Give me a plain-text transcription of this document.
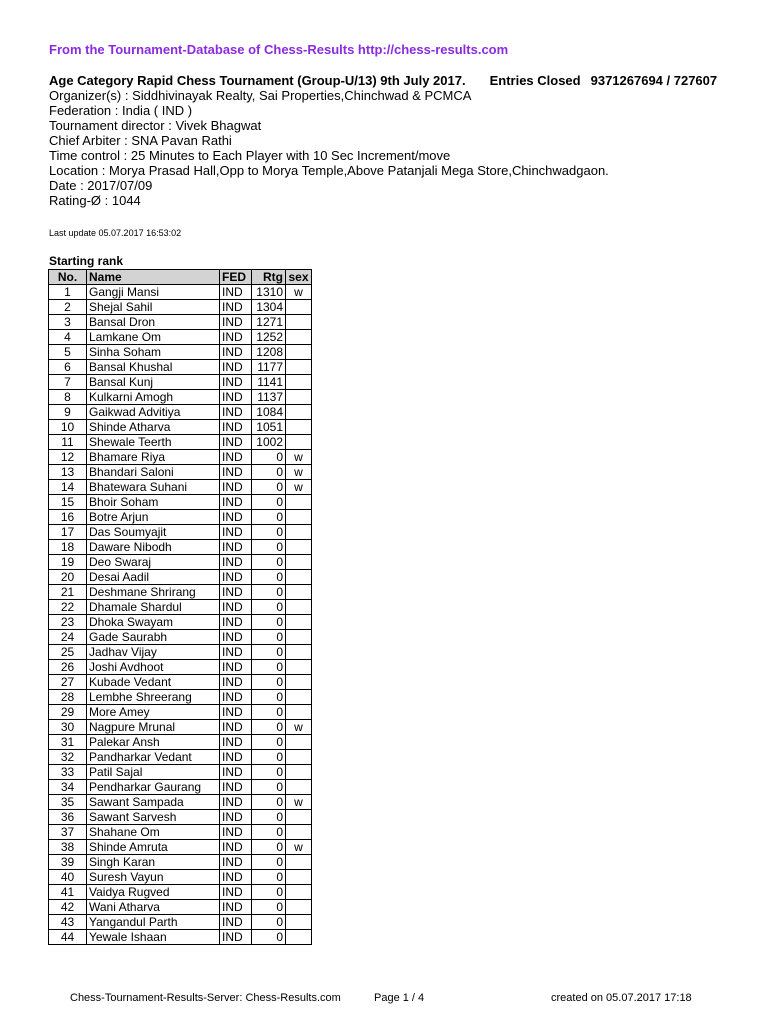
From the Tournament-Database of Chess-Results http://chess-results.com
Age Category Rapid Chess Tournament (Group-U/13) 9th July 2017. Entries Closed 9371267694 / 727607
Organizer(s) : Siddhivinayak Realty, Sai Properties,Chinchwad & PCMCA
Federation : India ( IND )
Tournament director : Vivek Bhagwat
Chief Arbiter : SNA Pavan Rathi
Time control : 25 Minutes to Each Player with 10 Sec Increment/move
Location : Morya Prasad Hall,Opp to Morya Temple,Above Patanjali Mega Store,Chinchwadgaon.
Date : 2017/07/09
Rating-Ø : 1044
Last update 05.07.2017 16:53:02
Starting rank
No.	Name	FED	Rtg	sex
1	Gangji Mansi	IND	1310	w
2	Shejal Sahil	IND	1304	
3	Bansal Dron	IND	1271	
4	Lamkane Om	IND	1252	
5	Sinha Soham	IND	1208	
6	Bansal Khushal	IND	1177	
7	Bansal Kunj	IND	1141	
8	Kulkarni Amogh	IND	1137	
9	Gaikwad Advitiya	IND	1084	
10	Shinde Atharva	IND	1051	
11	Shewale Teerth	IND	1002	
12	Bhamare Riya	IND	0	w
13	Bhandari Saloni	IND	0	w
14	Bhatewara Suhani	IND	0	w
15	Bhoir Soham	IND	0	
16	Botre Arjun	IND	0	
17	Das Soumyajit	IND	0	
18	Daware Nibodh	IND	0	
19	Deo Swaraj	IND	0	
20	Desai Aadil	IND	0	
21	Deshmane Shrirang	IND	0	
22	Dhamale Shardul	IND	0	
23	Dhoka Swayam	IND	0	
24	Gade Saurabh	IND	0	
25	Jadhav Vijay	IND	0	
26	Joshi Avdhoot	IND	0	
27	Kubade Vedant	IND	0	
28	Lembhe Shreerang	IND	0	
29	More Amey	IND	0	
30	Nagpure Mrunal	IND	0	w
31	Palekar Ansh	IND	0	
32	Pandharkar Vedant	IND	0	
33	Patil Sajal	IND	0	
34	Pendharkar Gaurang	IND	0	
35	Sawant Sampada	IND	0	w
36	Sawant Sarvesh	IND	0	
37	Shahane Om	IND	0	
38	Shinde Amruta	IND	0	w
39	Singh Karan	IND	0	
40	Suresh Vayun	IND	0	
41	Vaidya Rugved	IND	0	
42	Wani Atharva	IND	0	
43	Yangandul Parth	IND	0	
44	Yewale Ishaan	IND	0	
Chess-Tournament-Results-Server: Chess-Results.com	Page 1 / 4	created on 05.07.2017 17:18
